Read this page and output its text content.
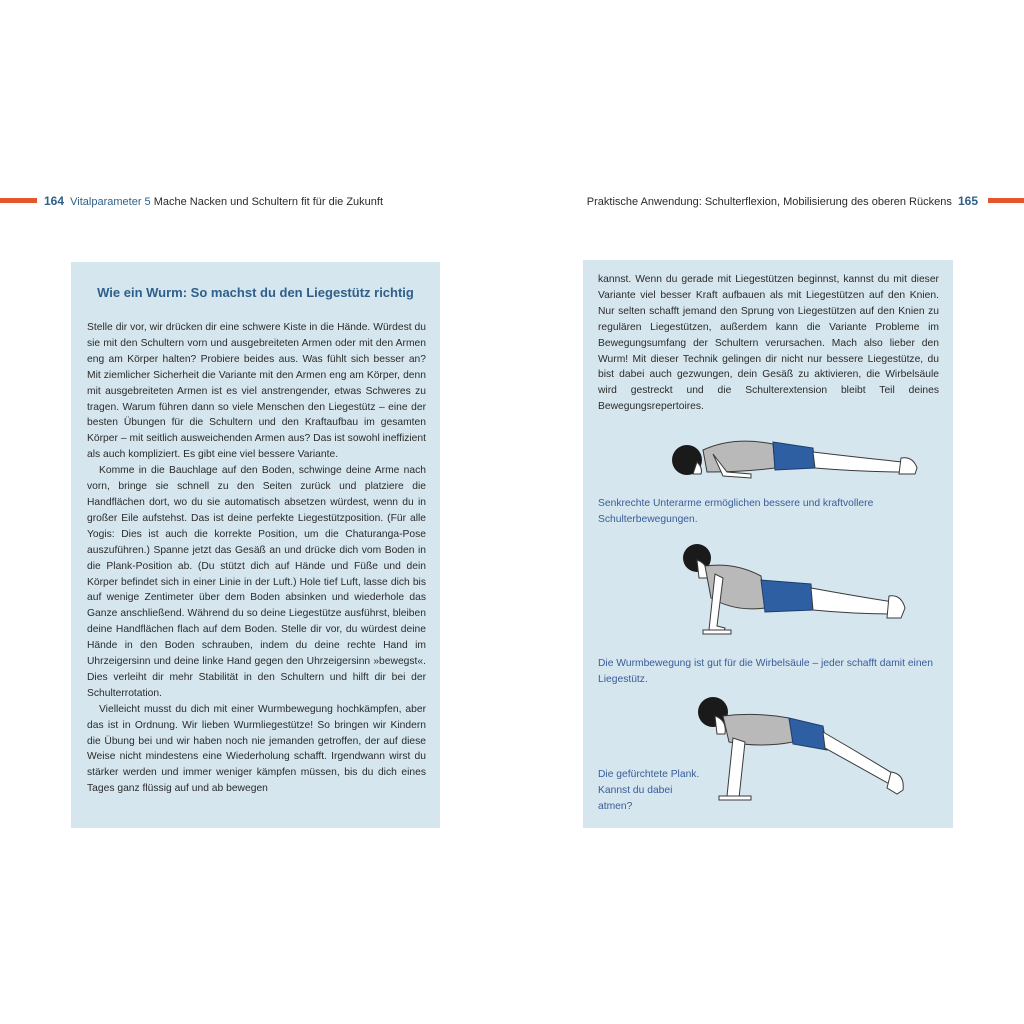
164 Vitalparameter 5 Mache Nacken und Schultern fit für die Zukunft	Praktische Anwendung: Schulterflexion, Mobilisierung des oberen Rückens 165
Wie ein Wurm: So machst du den Liegestütz richtig

Stelle dir vor, wir drücken dir eine schwere Kiste in die Hände. Würdest du sie mit den Schultern vorn und ausgebreiteten Armen oder mit den Armen eng am Körper halten? Probiere beides aus. Was fühlt sich besser an? Mit ziemlicher Sicherheit die Variante mit den Armen eng am Körper, denn mit ausgebreiteten Armen ist es viel anstrengender, etwas Schweres zu tragen. Warum führen dann so viele Menschen den Liegestütz – eine der besten Übungen für die Schultern und den Kraftaufbau im gesamten Körper – mit seitlich ausweichenden Armen aus? Das ist sowohl ineffizient als auch kompliziert. Es gibt eine viel bessere Variante.

Komme in die Bauchlage auf den Boden, schwinge deine Arme nach vorn, bringe sie schnell zu den Seiten zurück und platziere die Handflächen dort, wo du sie automatisch absetzen würdest, wenn du in großer Eile aufstehst. Das ist deine perfekte Liegestützposition. (Für alle Yogis: Dies ist auch die korrekte Position, um die Chaturanga-Pose auszuführen.) Spanne jetzt das Gesäß an und drücke dich vom Boden in die Plank-Position ab. (Du stützt dich auf Hände und Füße und dein Körper befindet sich in einer Linie in der Luft.) Hole tief Luft, lasse dich bis auf wenige Zentimeter über dem Boden absinken und wiederhole das Ganze anschließend. Während du so deine Liegestütze ausführst, bleiben deine Handflächen flach auf dem Boden. Stelle dir vor, du würdest deine Hände in den Boden schrauben, indem du deine rechte Hand im Uhrzeigersinn und deine linke Hand gegen den Uhrzeigersinn »bewegst«. Dies verleiht dir mehr Stabilität in den Schultern und hilft dir bei der Schulterrotation.

Vielleicht musst du dich mit einer Wurmbewegung hochkämpfen, aber das ist in Ordnung. Wir lieben Wurmliegestütze! So bringen wir Kindern die Übung bei und wir haben noch nie jemanden getroffen, der auf diese Weise nicht mindestens eine Wiederholung schafft. Irgendwann wirst du stärker werden und immer weniger kämpfen müssen, bis du dich eines Tages ganz flüssig auf und ab bewegen

kannst. Wenn du gerade mit Liegestützen beginnst, kannst du mit dieser Variante viel besser Kraft aufbauen als mit Liegestützen auf den Knien. Nur selten schafft jemand den Sprung von Liegestützen auf den Knien zu regulären Liegestützen, außerdem kann die Variante Probleme im Bewegungsumfang der Schultern verursachen. Mach also lieber den Wurm! Mit dieser Technik gelingen dir nicht nur bessere Liegestütze, du bist dabei auch gezwungen, dein Gesäß zu aktivieren, die Wirbelsäule wird gestreckt und die Schulterextension bleibt Teil deines Bewegungsrepertoires.

Senkrechte Unterarme ermöglichen bessere und kraftvollere Schulterbewegungen.
Die Wurmbewegung ist gut für die Wirbelsäule – jeder schafft damit einen Liegestütz.
Die gefürchtete Plank. Kannst du dabei atmen?
